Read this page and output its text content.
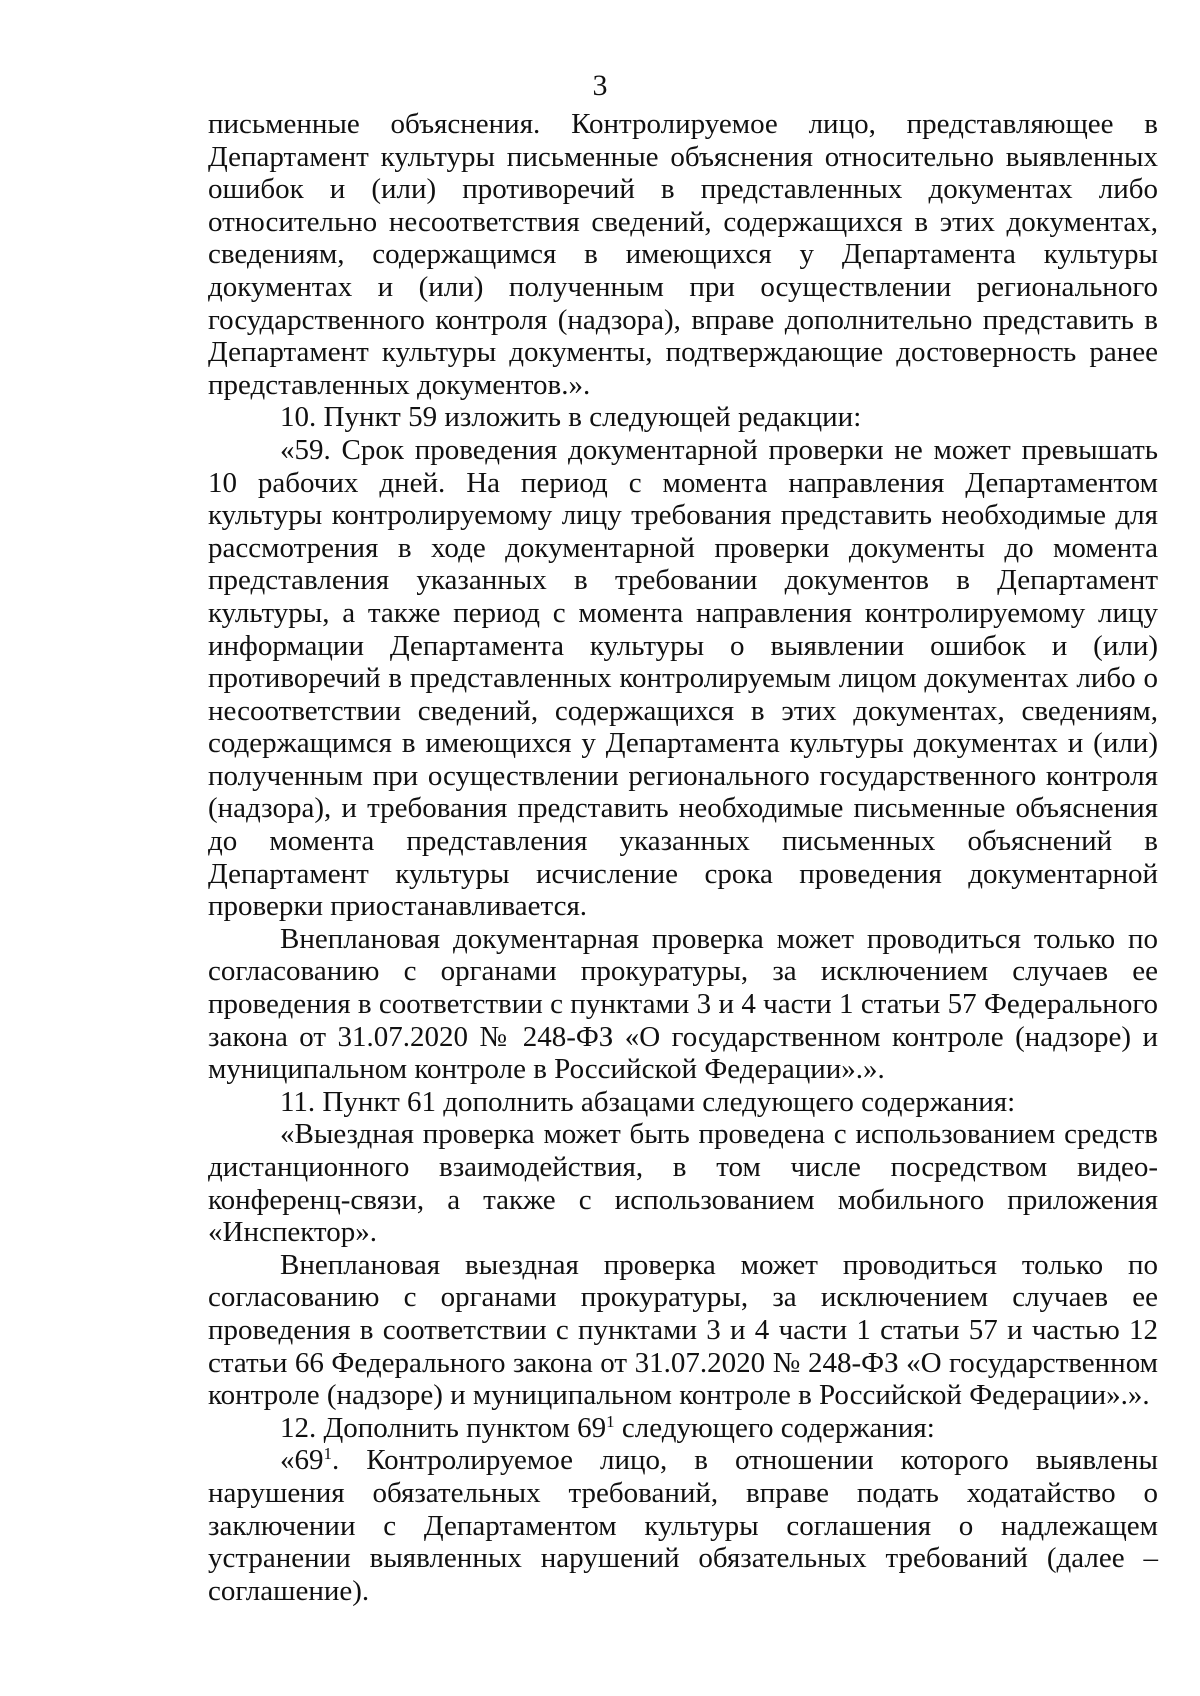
3

письменные объяснения. Контролируемое лицо, представляющее в Департамент культуры письменные объяснения относительно выявленных ошибок и (или) противоречий в представленных документах либо относительно несоответствия сведений, содержащихся в этих документах, сведениям, содержащимся в имеющихся у Департамента культуры документах и (или) полученным при осуществлении регионального государственного контроля (надзора), вправе дополнительно представить в Департамент культуры документы, подтверждающие достоверность ранее представленных документов.».

10. Пункт 59 изложить в следующей редакции:

«59. Срок проведения документарной проверки не может превышать 10 рабочих дней. На период с момента направления Департаментом культуры контролируемому лицу требования представить необходимые для рассмотрения в ходе документарной проверки документы до момента представления указанных в требовании документов в Департамент культуры, а также период с момента направления контролируемому лицу информации Департамента культуры о выявлении ошибок и (или) противоречий в представленных контролируемым лицом документах либо о несоответствии сведений, содержащихся в этих документах, сведениям, содержащимся в имеющихся у Департамента культуры документах и (или) полученным при осуществлении регионального государственного контроля (надзора), и требования представить необходимые письменные объяснения до момента представления указанных письменных объяснений в Департамент культуры исчисление срока проведения документарной проверки приостанавливается.

Внеплановая документарная проверка может проводиться только по согласованию с органами прокуратуры, за исключением случаев ее проведения в соответствии с пунктами 3 и 4 части 1 статьи 57 Федерального закона от 31.07.2020 № 248-ФЗ «О государственном контроле (надзоре) и муниципальном контроле в Российской Федерации».».

11. Пункт 61 дополнить абзацами следующего содержания:

«Выездная проверка может быть проведена с использованием средств дистанционного взаимодействия, в том числе посредством видео-конференц-связи, а также с использованием мобильного приложения «Инспектор».

Внеплановая выездная проверка может проводиться только по согласованию с органами прокуратуры, за исключением случаев ее проведения в соответствии с пунктами 3 и 4 части 1 статьи 57 и частью 12 статьи 66 Федерального закона от 31.07.2020 № 248-ФЗ «О государственном контроле (надзоре) и муниципальном контроле в Российской Федерации».».

12. Дополнить пунктом $69^1$ следующего содержания:

«$69^1$. Контролируемое лицо, в отношении которого выявлены нарушения обязательных требований, вправе подать ходатайство о заключении с Департаментом культуры соглашения о надлежащем устранении выявленных нарушений обязательных требований (далее – соглашение).
